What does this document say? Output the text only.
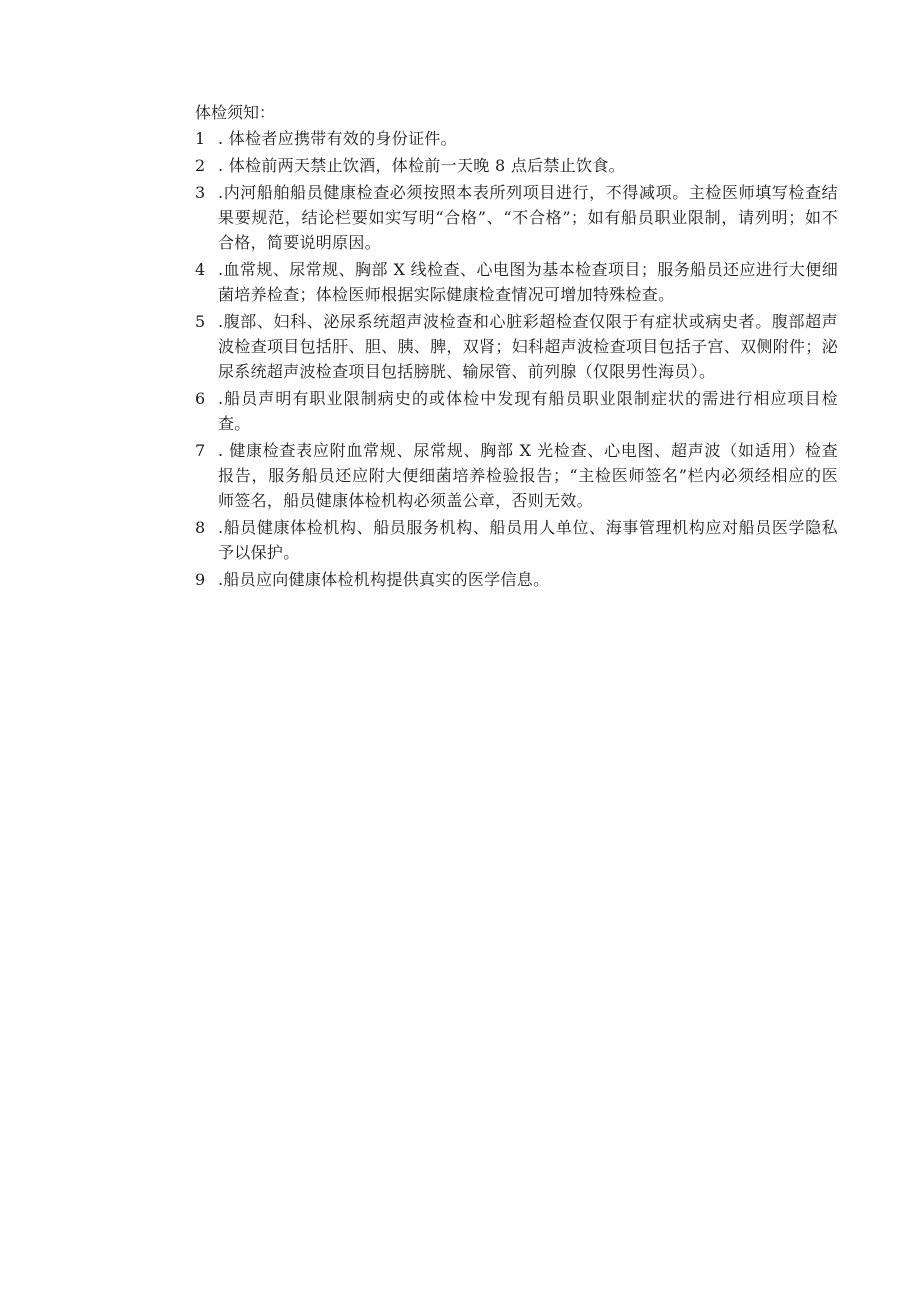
体检须知：
1 . 体检者应携带有效的身份证件。
2 . 体检前两天禁止饮酒，体检前一天晚 8 点后禁止饮食。
3 .内河船舶船员健康检查必须按照本表所列项目进行，不得减项。主检医师填写检查结果要规范，结论栏要如实写明“合格”、“不合格”；如有船员职业限制，请列明；如不合格，简要说明原因。
4 .血常规、尿常规、胸部 X 线检查、心电图为基本检查项目；服务船员还应进行大便细菌培养检查；体检医师根据实际健康检查情况可增加特殊检查。
5 .腹部、妇科、泌尿系统超声波检查和心脏彩超检查仅限于有症状或病史者。腹部超声波检查项目包括肝、胆、胰、脾，双肾；妇科超声波检查项目包括子宫、双侧附件；泌尿系统超声波检查项目包括膀胱、输尿管、前列腺（仅限男性海员）。
6 .船员声明有职业限制病史的或体检中发现有船员职业限制症状的需进行相应项目检查。
7 . 健康检查表应附血常规、尿常规、胸部 X 光检查、心电图、超声波（如适用）检查报告，服务船员还应附大便细菌培养检验报告；“主检医师签名”栏内必须经相应的医师签名，船员健康体检机构必须盖公章，否则无效。
8 .船员健康体检机构、船员服务机构、船员用人单位、海事管理机构应对船员医学隐私予以保护。
9 .船员应向健康体检机构提供真实的医学信息。
